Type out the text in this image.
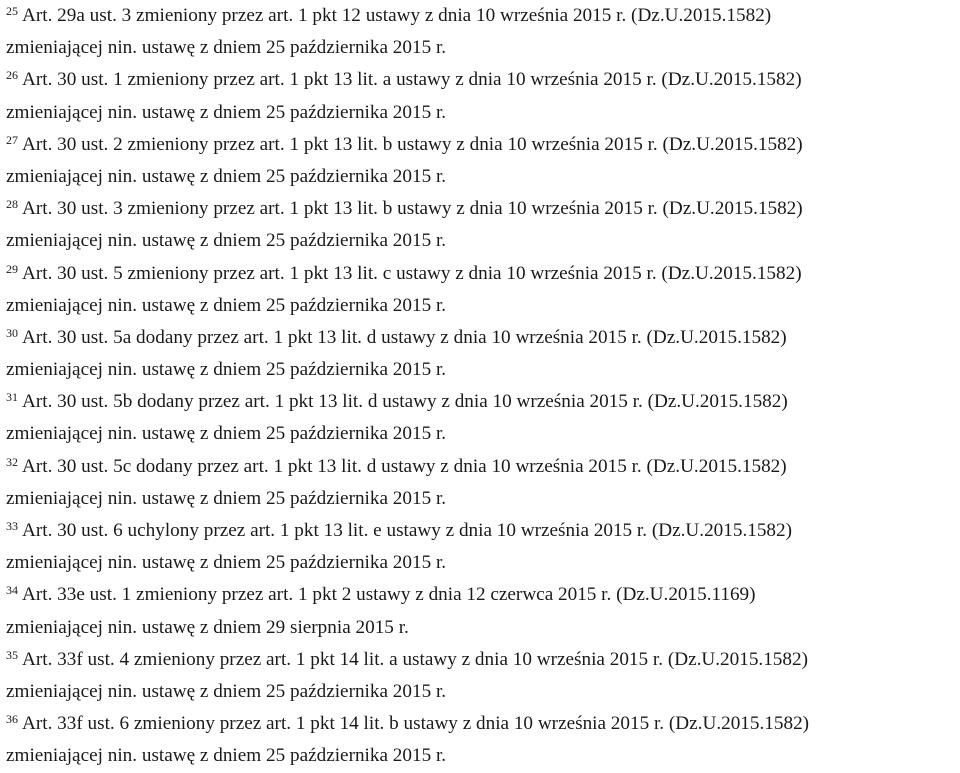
25 Art. 29a ust. 3 zmieniony przez art. 1 pkt 12 ustawy z dnia 10 września 2015 r. (Dz.U.2015.1582)
zmieniającej nin. ustawę z dniem 25 października 2015 r.
26 Art. 30 ust. 1 zmieniony przez art. 1 pkt 13 lit. a ustawy z dnia 10 września 2015 r. (Dz.U.2015.1582)
zmieniającej nin. ustawę z dniem 25 października 2015 r.
27 Art. 30 ust. 2 zmieniony przez art. 1 pkt 13 lit. b ustawy z dnia 10 września 2015 r. (Dz.U.2015.1582)
zmieniającej nin. ustawę z dniem 25 października 2015 r.
28 Art. 30 ust. 3 zmieniony przez art. 1 pkt 13 lit. b ustawy z dnia 10 września 2015 r. (Dz.U.2015.1582)
zmieniającej nin. ustawę z dniem 25 października 2015 r.
29 Art. 30 ust. 5 zmieniony przez art. 1 pkt 13 lit. c ustawy z dnia 10 września 2015 r. (Dz.U.2015.1582)
zmieniającej nin. ustawę z dniem 25 października 2015 r.
30 Art. 30 ust. 5a dodany przez art. 1 pkt 13 lit. d ustawy z dnia 10 września 2015 r. (Dz.U.2015.1582)
zmieniającej nin. ustawę z dniem 25 października 2015 r.
31 Art. 30 ust. 5b dodany przez art. 1 pkt 13 lit. d ustawy z dnia 10 września 2015 r. (Dz.U.2015.1582)
zmieniającej nin. ustawę z dniem 25 października 2015 r.
32 Art. 30 ust. 5c dodany przez art. 1 pkt 13 lit. d ustawy z dnia 10 września 2015 r. (Dz.U.2015.1582)
zmieniającej nin. ustawę z dniem 25 października 2015 r.
33 Art. 30 ust. 6 uchylony przez art. 1 pkt 13 lit. e ustawy z dnia 10 września 2015 r. (Dz.U.2015.1582)
zmieniającej nin. ustawę z dniem 25 października 2015 r.
34 Art. 33e ust. 1 zmieniony przez art. 1 pkt 2 ustawy z dnia 12 czerwca 2015 r. (Dz.U.2015.1169)
zmieniającej nin. ustawę z dniem 29 sierpnia 2015 r.
35 Art. 33f ust. 4 zmieniony przez art. 1 pkt 14 lit. a ustawy z dnia 10 września 2015 r. (Dz.U.2015.1582)
zmieniającej nin. ustawę z dniem 25 października 2015 r.
36 Art. 33f ust. 6 zmieniony przez art. 1 pkt 14 lit. b ustawy z dnia 10 września 2015 r. (Dz.U.2015.1582)
zmieniającej nin. ustawę z dniem 25 października 2015 r.
